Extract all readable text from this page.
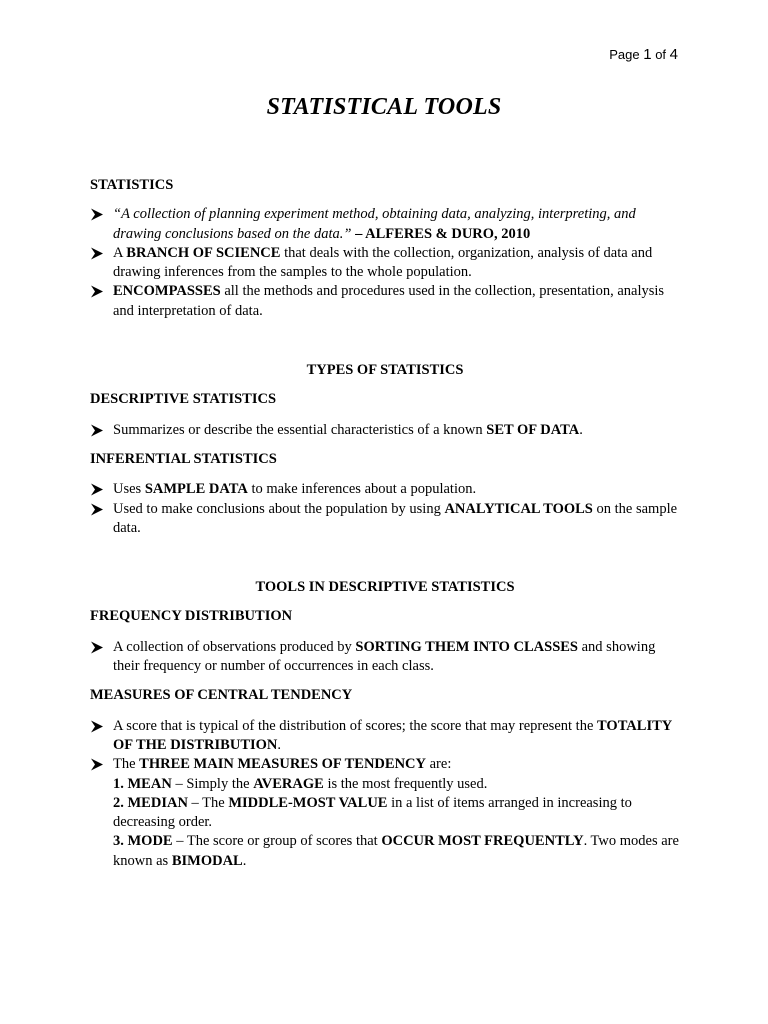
Page 1 of 4
STATISTICAL TOOLS

STATISTICS

“A collection of planning experiment method, obtaining data, analyzing, interpreting, and drawing conclusions based on the data.” – ALFERES & DURO, 2010
A BRANCH OF SCIENCE that deals with the collection, organization, analysis of data and drawing inferences from the samples to the whole population.
ENCOMPASSES all the methods and procedures used in the collection, presentation, analysis and interpretation of data.

TYPES OF STATISTICS

DESCRIPTIVE STATISTICS

Summarizes or describe the essential characteristics of a known SET OF DATA.

INFERENTIAL STATISTICS

Uses SAMPLE DATA to make inferences about a population.
Used to make conclusions about the population by using ANALYTICAL TOOLS on the sample data.

TOOLS IN DESCRIPTIVE STATISTICS

FREQUENCY DISTRIBUTION

A collection of observations produced by SORTING THEM INTO CLASSES and showing their frequency or number of occurrences in each class.

MEASURES OF CENTRAL TENDENCY

A score that is typical of the distribution of scores; the score that may represent the TOTALITY OF THE DISTRIBUTION.
The THREE MAIN MEASURES OF TENDENCY are:
1. MEAN – Simply the AVERAGE is the most frequently used.
2. MEDIAN – The MIDDLE-MOST VALUE in a list of items arranged in increasing to decreasing order.
3. MODE – The score or group of scores that OCCUR MOST FREQUENTLY. Two modes are known as BIMODAL.
